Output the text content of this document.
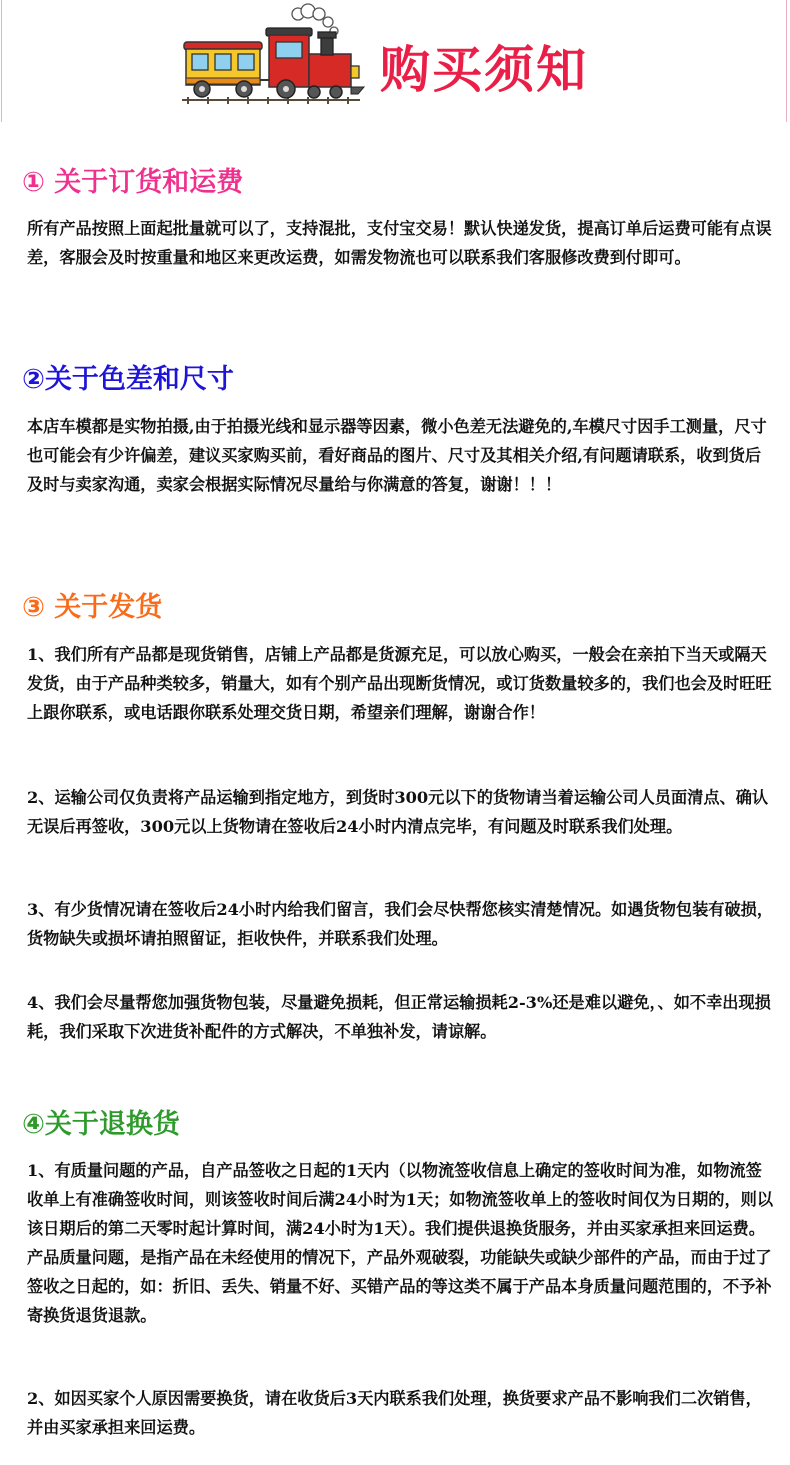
购买须知
① 关于订货和运费

所有产品按照上面起批量就可以了，支持混批，支付宝交易！默认快递发货，提高订单后运费可能有点误差，客服会及时按重量和地区来更改运费，如需发物流也可以联系我们客服修改费到付即可。

②关于色差和尺寸

本店车模都是实物拍摄,由于拍摄光线和显示器等因素，微小色差无法避免的,车模尺寸因手工测量，尺寸也可能会有少许偏差，建议买家购买前，看好商品的图片、尺寸及其相关介绍,有问题请联系，收到货后及时与卖家沟通，卖家会根据实际情况尽量给与你满意的答复，谢谢！！！

③ 关于发货

1、我们所有产品都是现货销售，店铺上产品都是货源充足，可以放心购买，一般会在亲拍下当天或隔天发货，由于产品种类较多，销量大，如有个别产品出现断货情况，或订货数量较多的，我们也会及时旺旺上跟你联系，或电话跟你联系处理交货日期，希望亲们理解，谢谢合作！

2、运输公司仅负责将产品运输到指定地方，到货时300元以下的货物请当着运输公司人员面清点、确认无误后再签收，300元以上货物请在签收后24小时内清点完毕，有问题及时联系我们处理。

3、有少货情况请在签收后24小时内给我们留言，我们会尽快帮您核实清楚情况。如遇货物包装有破损，货物缺失或损坏请拍照留证，拒收快件，并联系我们处理。

4、我们会尽量帮您加强货物包装，尽量避免损耗，但正常运输损耗2-3%还是难以避免，、如不幸出现损耗，我们采取下次进货补配件的方式解决，不单独补发，请谅解。

④关于退换货

1、有质量问题的产品，自产品签收之日起的1天内（以物流签收信息上确定的签收时间为准，如物流签收单上有准确签收时间，则该签收时间后满24小时为1天；如物流签收单上的签收时间仅为日期的，则以该日期后的第二天零时起计算时间，满24小时为1天）。我们提供退换货服务，并由买家承担来回运费。产品质量问题，是指产品在未经使用的情况下，产品外观破裂，功能缺失或缺少部件的产品，而由于过了签收之日起的，如：折旧、丢失、销量不好、买错产品的等这类不属于产品本身质量问题范围的，不予补寄换货退货退款。

2、如因买家个人原因需要换货，请在收货后3天内联系我们处理，换货要求产品不影响我们二次销售，并由买家承担来回运费。
